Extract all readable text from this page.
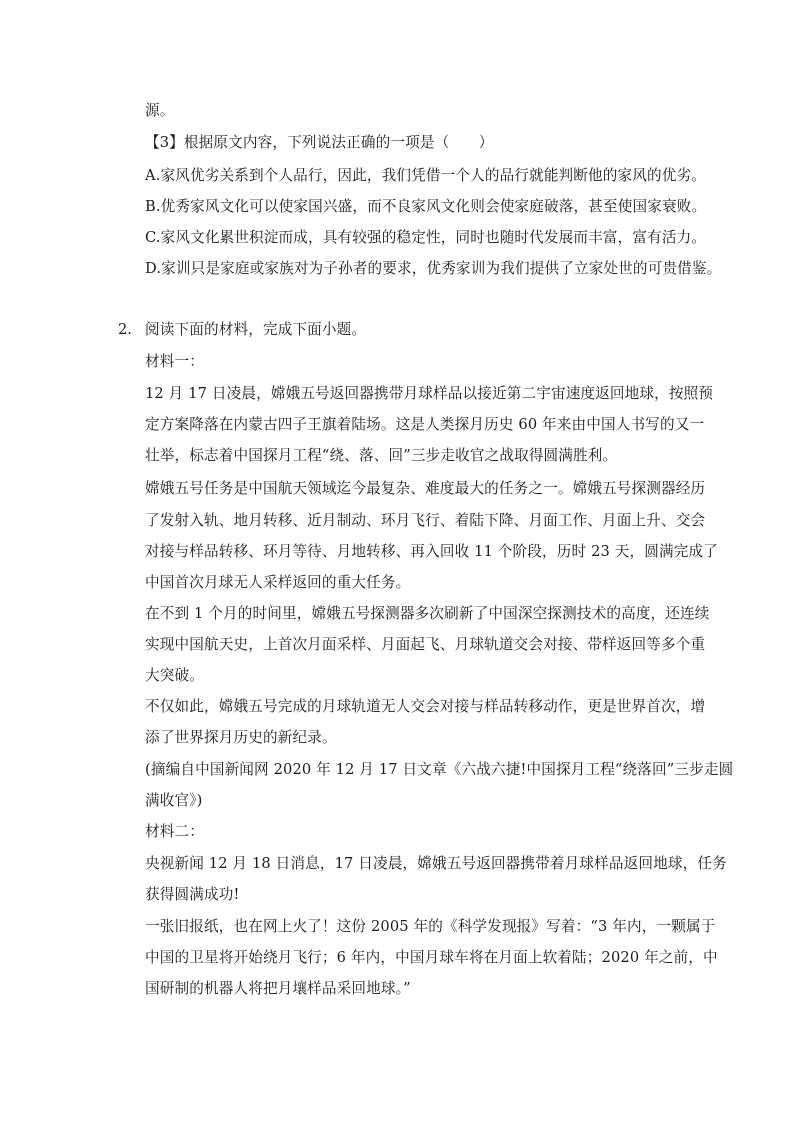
源。
【3】根据原文内容，下列说法正确的一项是（　　）
A.家风优劣关系到个人品行，因此，我们凭借一个人的品行就能判断他的家风的优劣。
B.优秀家风文化可以使家国兴盛，而不良家风文化则会使家庭破落，甚至使国家衰败。
C.家风文化累世积淀而成，具有较强的稳定性，同时也随时代发展而丰富，富有活力。
D.家训只是家庭或家族对为子孙者的要求，优秀家训为我们提供了立家处世的可贵借鉴。
2. 阅读下面的材料，完成下面小题。
材料一：
12 月 17 日凌晨，嫦娥五号返回器携带月球样品以接近第二宇宙速度返回地球，按照预
定方案降落在内蒙古四子王旗着陆场。这是人类探月历史 60 年来由中国人书写的又一
壮举，标志着中国探月工程“绕、落、回”三步走收官之战取得圆满胜利。
嫦娥五号任务是中国航天领域迄今最复杂、难度最大的任务之一。嫦娥五号探测器经历
了发射入轨、地月转移、近月制动、环月飞行、着陆下降、月面工作、月面上升、交会
对接与样品转移、环月等待、月地转移、再入回收 11 个阶段，历时 23 天，圆满完成了
中国首次月球无人采样返回的重大任务。
在不到 1 个月的时间里，嫦娥五号探测器多次刷新了中国深空探测技术的高度，还连续
实现中国航天史，上首次月面采样、月面起飞、月球轨道交会对接、带样返回等多个重
大突破。
不仅如此，嫦娥五号完成的月球轨道无人交会对接与样品转移动作，更是世界首次，增
添了世界探月历史的新纪录。
(摘编自中国新闻网 2020 年 12 月 17 日文章《六战六捷!中国探月工程“绕落回”三步走圆
满收官》)
材料二：
央视新闻 12 月 18 日消息，17 日凌晨，嫦娥五号返回器携带着月球样品返回地球，任务
获得圆满成功!
一张旧报纸，也在网上火了！这份 2005 年的《科学发现报》写着：“3 年内，一颗属于
中国的卫星将开始绕月飞行；6 年内，中国月球车将在月面上软着陆；2020 年之前，中
国研制的机器人将把月壤样品采回地球。”
